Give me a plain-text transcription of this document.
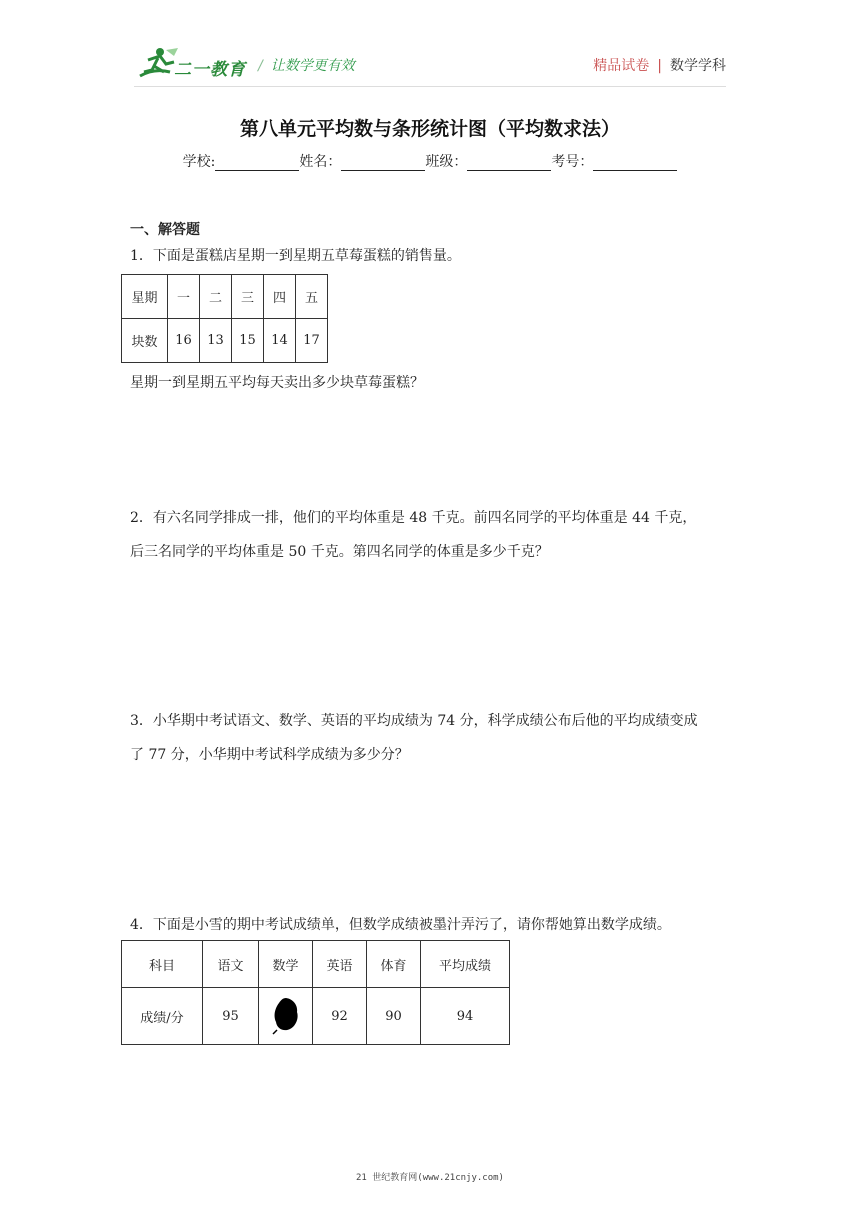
二一教育 / 让数学更有效	精品试卷 | 数学学科
第八单元平均数与条形统计图（平均数求法）
学校:	姓名：	班级：	考号：
一、解答题
1．下面是蛋糕店星期一到星期五草莓蛋糕的销售量。
星期	一	二	三	四	五
块数	16	13	15	14	17
星期一到星期五平均每天卖出多少块草莓蛋糕？
2．有六名同学排成一排，他们的平均体重是 48 千克。前四名同学的平均体重是 44 千克，
后三名同学的平均体重是 50 千克。第四名同学的体重是多少千克？
3．小华期中考试语文、数学、英语的平均成绩为 74 分，科学成绩公布后他的平均成绩变成
了 77 分，小华期中考试科学成绩为多少分？
4．下面是小雪的期中考试成绩单，但数学成绩被墨汁弄污了，请你帮她算出数学成绩。
科目	语文	数学	英语	体育	平均成绩
成绩/分	95		92	90	94
21 世纪教育网(www.21cnjy.com)
